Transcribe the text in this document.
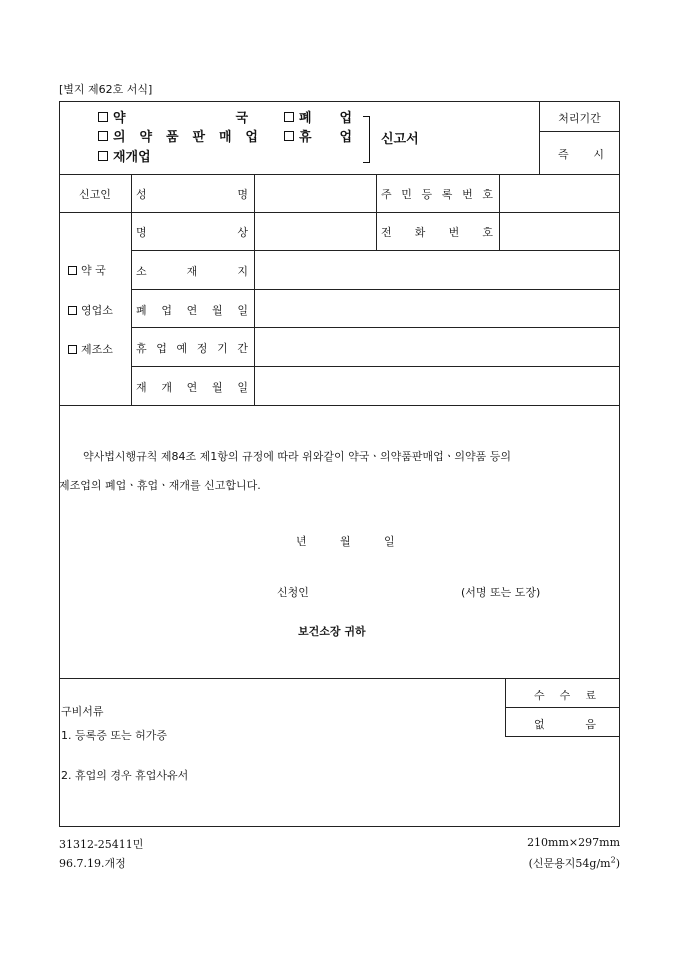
[별지 제62호 서식]
약	국
의 약 품 판 매 업
재개업
폐 업
휴 업 신고서
처리기간
즉 시
신고인
약 국
영업소
제조소
성	명	주 민 등 록 번 호
명	상	전 화 번 호
소	재	지
폐 업 연 월 일
휴 업 예 정 기 간
재 개 연 월 일
약사법시행규칙 제84조 제1항의 규정에 따라 위와같이 약국ㆍ의약품판매업ㆍ의약품 등의
제조업의 폐업ㆍ휴업ㆍ재개를 신고합니다.
년	월	일
신청인	(서명 또는 도장)
보건소장 귀하
수 수 료
없	음
구비서류
1. 등록증 또는 허가증
2. 휴업의 경우 휴업사유서
31312-25411민
96.7.19.개정
210mm×297mm
(신문용지$54g/m^2$)
